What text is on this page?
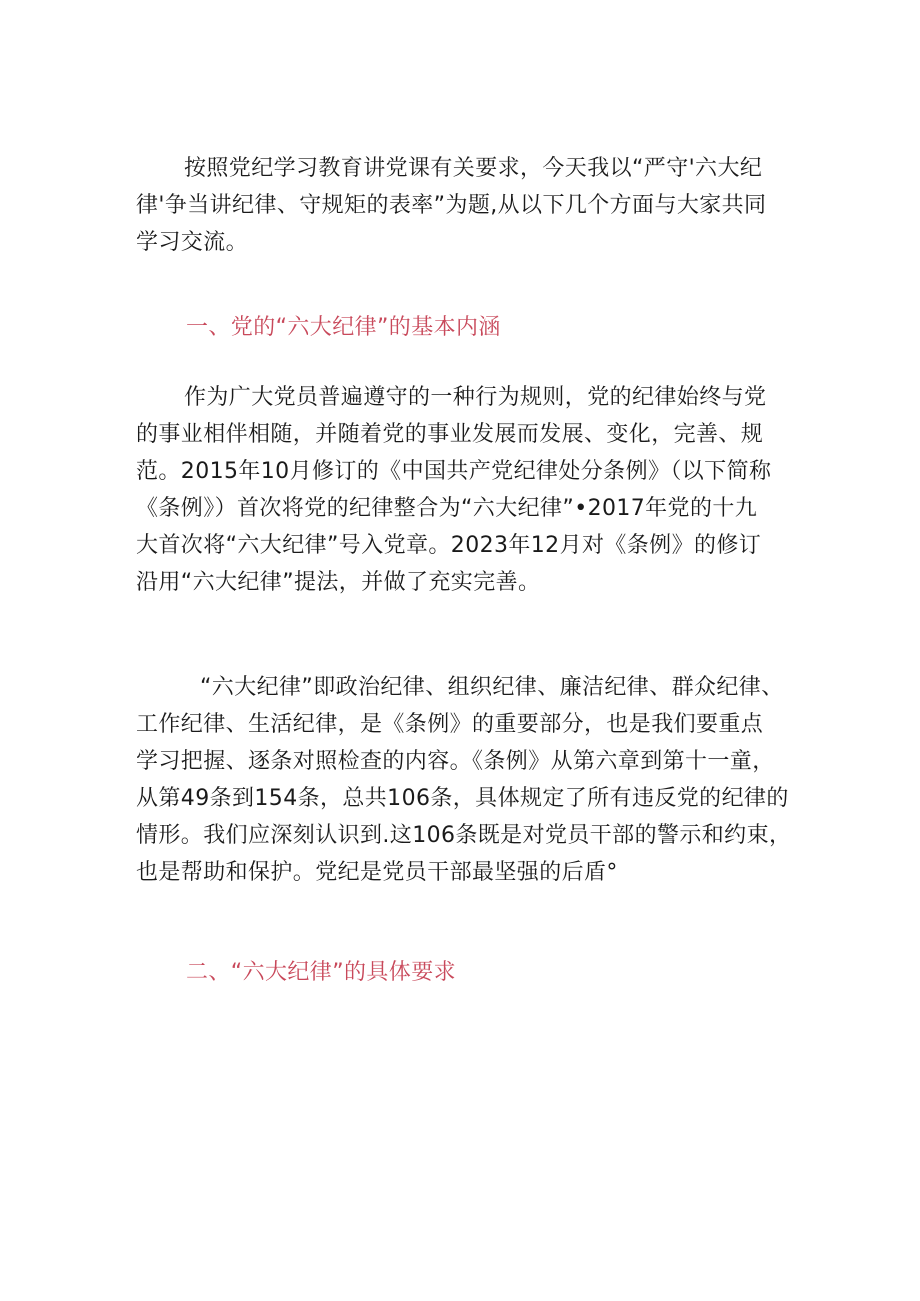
按照党纪学习教育讲党课有关要求，今天我以“严守'六大纪
律'争当讲纪律、守规矩的表率”为题,从以下几个方面与大家共同
学习交流。

一、党的“六大纪律”的基本内涵

作为广大党员普遍遵守的一种行为规则，党的纪律始终与党
的事业相伴相随，并随着党的事业发展而发展、变化，完善、规
范。2015年10月修订的《中国共产党纪律处分条例》（以下简称
《条例》）首次将党的纪律整合为“六大纪律”•2017年党的十九
大首次将“六大纪律”号入党章。2023年12月对《条例》的修订
沿用“六大纪律”提法，并做了充实完善。

“六大纪律”即政治纪律、组织纪律、廉洁纪律、群众纪律、
工作纪律、生活纪律，是《条例》的重要部分，也是我们要重点
学习把握、逐条对照检查的内容。《条例》从第六章到第十一童，
从第49条到154条，总共106条，具体规定了所有违反党的纪律的
情形。我们应深刻认识到.这106条既是对党员干部的警示和约束，
也是帮助和保护。党纪是党员干部最坚强的后盾°

二、“六大纪律”的具体要求
